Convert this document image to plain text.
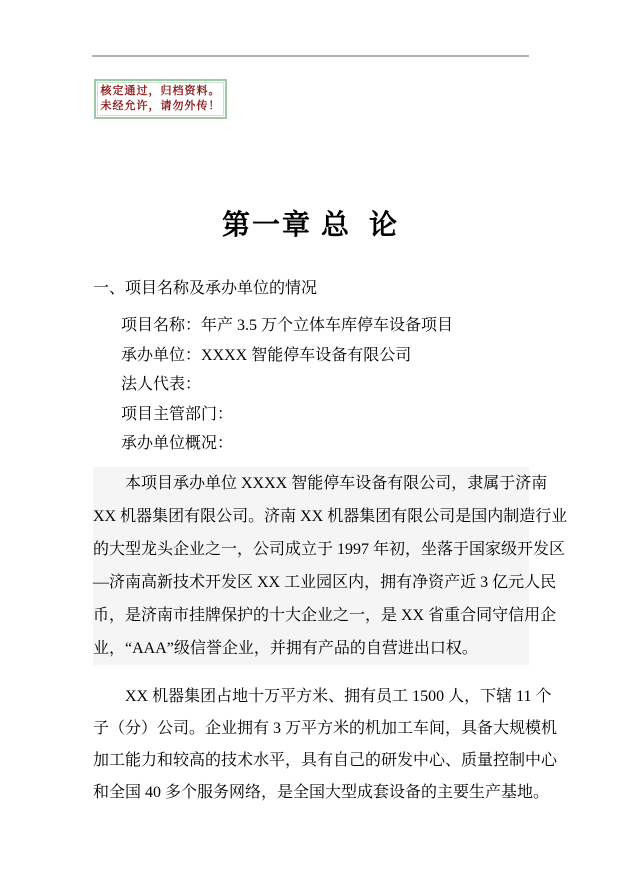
核定通过，归档资料。
未经允许，请勿外传！
第一章 总  论
一、项目名称及承办单位的情况
项目名称：年产 3.5 万个立体车库停车设备项目
承办单位：XXXX 智能停车设备有限公司
法人代表：
项目主管部门：
承办单位概况：
本项目承办单位 XXXX 智能停车设备有限公司，隶属于济南
XX 机器集团有限公司。济南 XX 机器集团有限公司是国内制造行业
的大型龙头企业之一，公司成立于 1997 年初，坐落于国家级开发区
—济南高新技术开发区 XX 工业园区内，拥有净资产近 3 亿元人民
币，是济南市挂牌保护的十大企业之一，是 XX 省重合同守信用企
业，“AAA”级信誉企业，并拥有产品的自营进出口权。
XX 机器集团占地十万平方米、拥有员工 1500 人，下辖 11 个
子（分）公司。企业拥有 3 万平方米的机加工车间，具备大规模机
加工能力和较高的技术水平，具有自己的研发中心、质量控制中心
和全国 40 多个服务网络，是全国大型成套设备的主要生产基地。
